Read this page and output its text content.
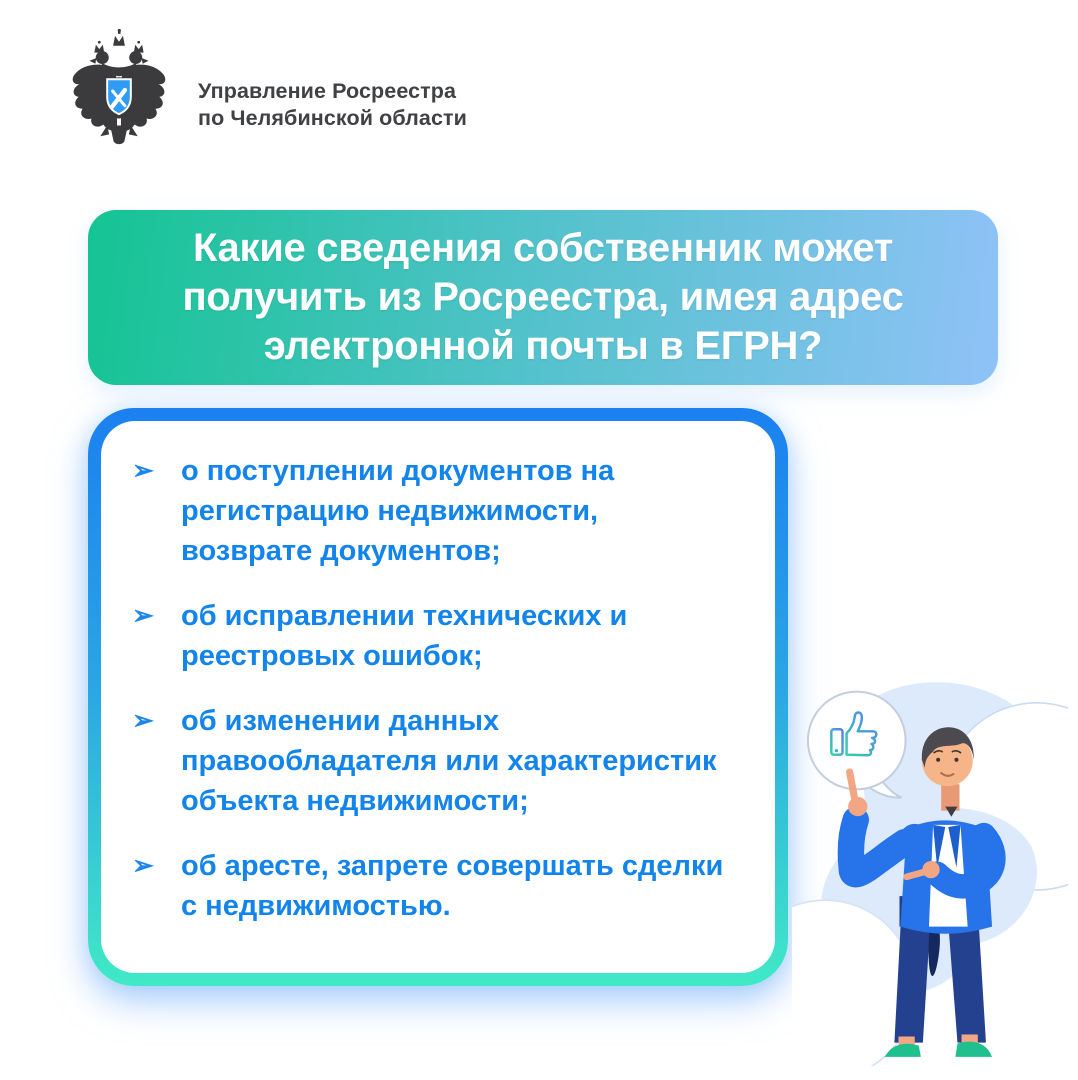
Управление Росреестра
по Челябинской области
Какие сведения собственник может
получить из Росреестра, имея адрес
электронной почты в ЕГРН?
➢ о поступлении документов на регистрацию недвижимости, возврате документов;
➢ об исправлении технических и реестровых ошибок;
➢ об изменении данных правообладателя или характеристик объекта недвижимости;
➢ об аресте, запрете совершать сделки с недвижимостью.
